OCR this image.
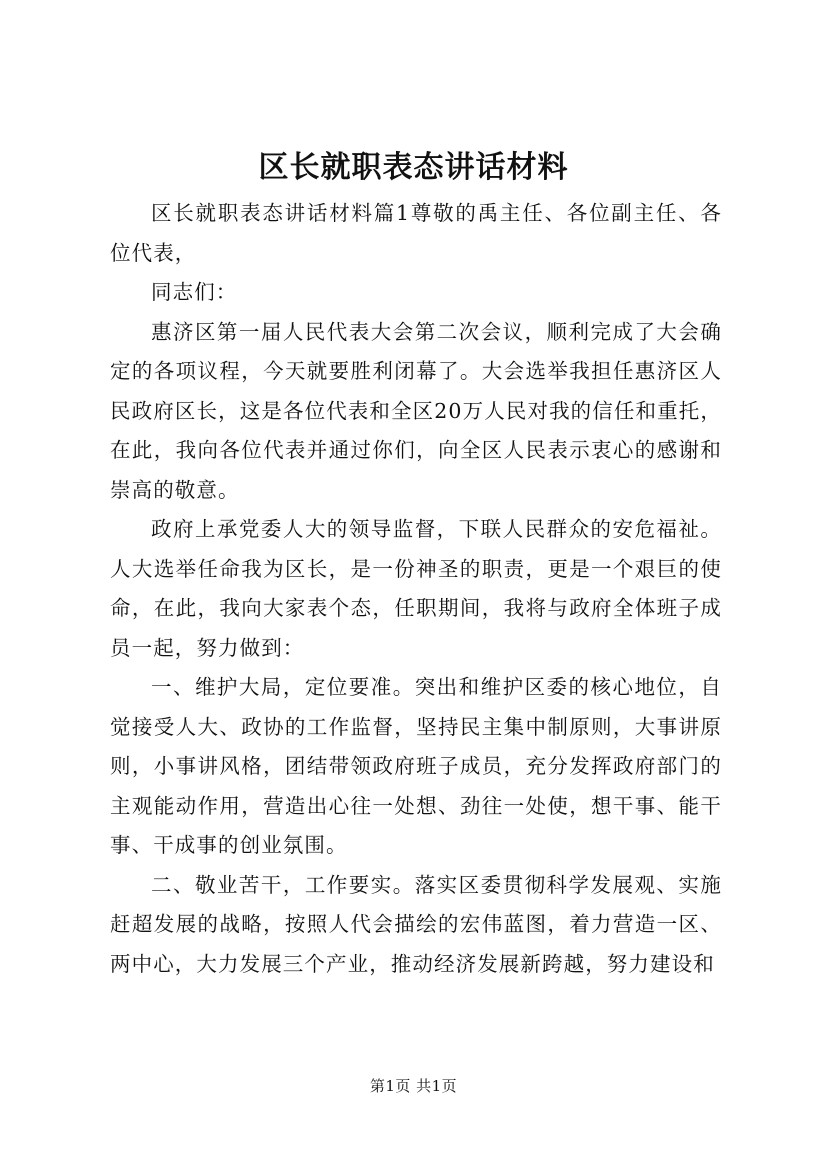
区长就职表态讲话材料

区长就职表态讲话材料篇1尊敬的禹主任、各位副主任、各位代表，

同志们：

惠济区第一届人民代表大会第二次会议，顺利完成了大会确定的各项议程，今天就要胜利闭幕了。大会选举我担任惠济区人民政府区长，这是各位代表和全区20万人民对我的信任和重托，在此，我向各位代表并通过你们，向全区人民表示衷心的感谢和崇高的敬意。

政府上承党委人大的领导监督，下联人民群众的安危福祉。人大选举任命我为区长，是一份神圣的职责，更是一个艰巨的使命，在此，我向大家表个态，任职期间，我将与政府全体班子成员一起，努力做到：

一、维护大局，定位要准。突出和维护区委的核心地位，自觉接受人大、政协的工作监督，坚持民主集中制原则，大事讲原则，小事讲风格，团结带领政府班子成员，充分发挥政府部门的主观能动作用，营造出心往一处想、劲往一处使，想干事、能干事、干成事的创业氛围。

二、敬业苦干，工作要实。落实区委贯彻科学发展观、实施赶超发展的战略，按照人代会描绘的宏伟蓝图，着力营造一区、两中心，大力发展三个产业，推动经济发展新跨越，努力建设和

第1页 共1页
